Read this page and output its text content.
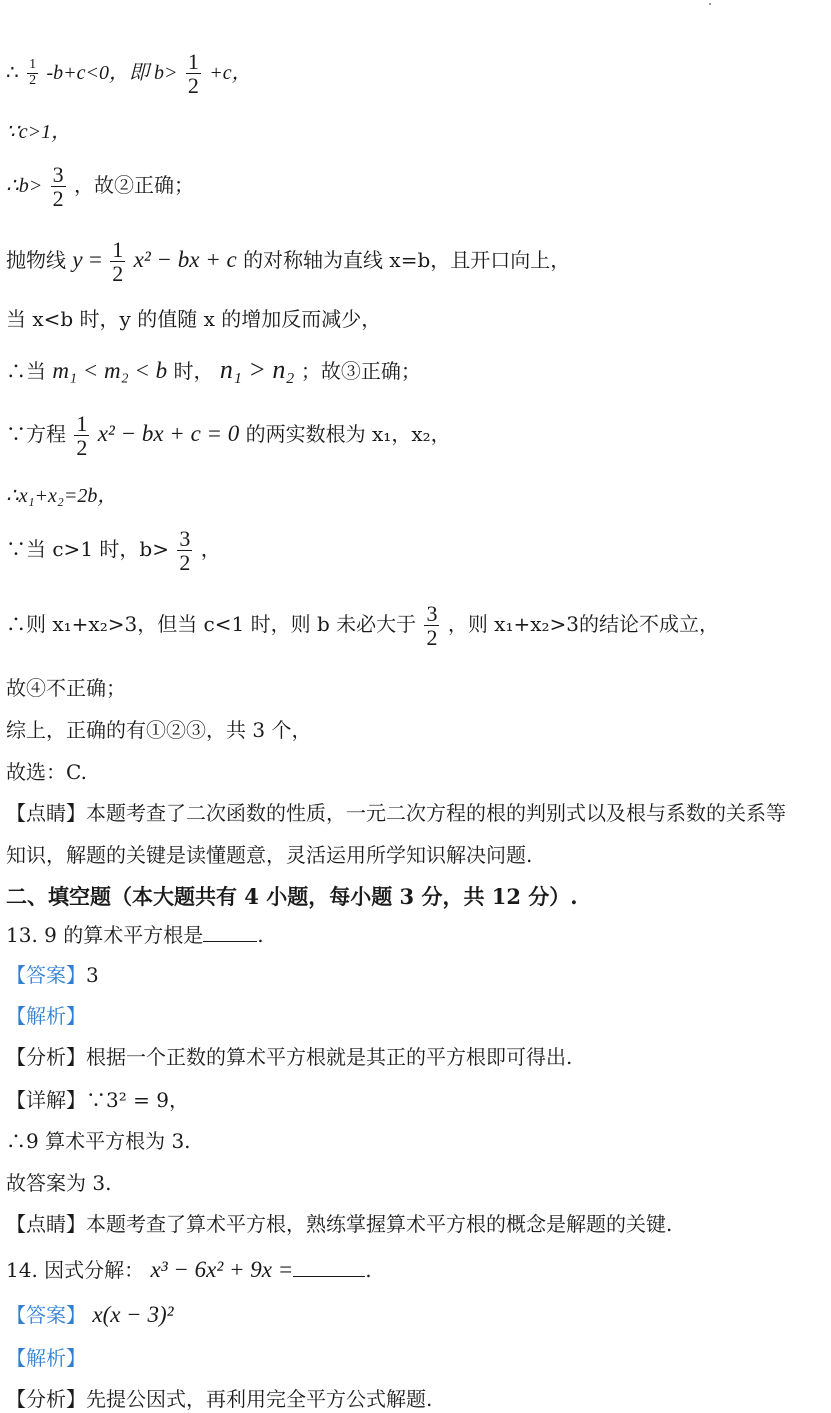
∴ $\frac{1}{2} -b+c<0$，即 $b> \frac{1}{2} +c$，
∵c>1，
∴b> $\frac{3}{2}$ ，故②正确；
抛物线 $y = \frac{1}{2} x^2$ − bx + c 的对称轴为直线 x=b，且开口向上，
当 x<b 时，y 的值随 x 的增加反而减少，
∴当 m₁ < m₂ < b 时， n₁ > n₂ ；故③正确；
∵方程 $\frac{1}{2} x^2$ − bx + c = 0 的两实数根为 x₁，x₂，
∴x₁+x₂=2b，
∵当 c>1 时，$b> \frac{3}{2}$ ，
∴则 x₁+x₂>3，但当 c<1 时，则 b 未必大于 $\frac{3}{2}$ ，则 x₁+x₂>3的结论不成立，
故④不正确；
综上，正确的有①②③，共 3 个，
故选：C.
【点睛】本题考查了二次函数的性质，一元二次方程的根的判别式以及根与系数的关系等
知识，解题的关键是读懂题意，灵活运用所学知识解决问题.
二、填空题（本大题共有 4 小题，每小题 3 分，共 12 分）.
13. 9 的算术平方根是	.
【答案】3
【解析】
【分析】根据一个正数的算术平方根就是其正的平方根即可得出.
【详解】∵3² = 9，
∴9 算术平方根为 3.
故答案为 3.
【点睛】本题考查了算术平方根，熟练掌握算术平方根的概念是解题的关键.
14. 因式分解： x³ − 6x² + 9x =	.
【答案】 x(x − 3)²
【解析】
【分析】先提公因式，再利用完全平方公式解题.
